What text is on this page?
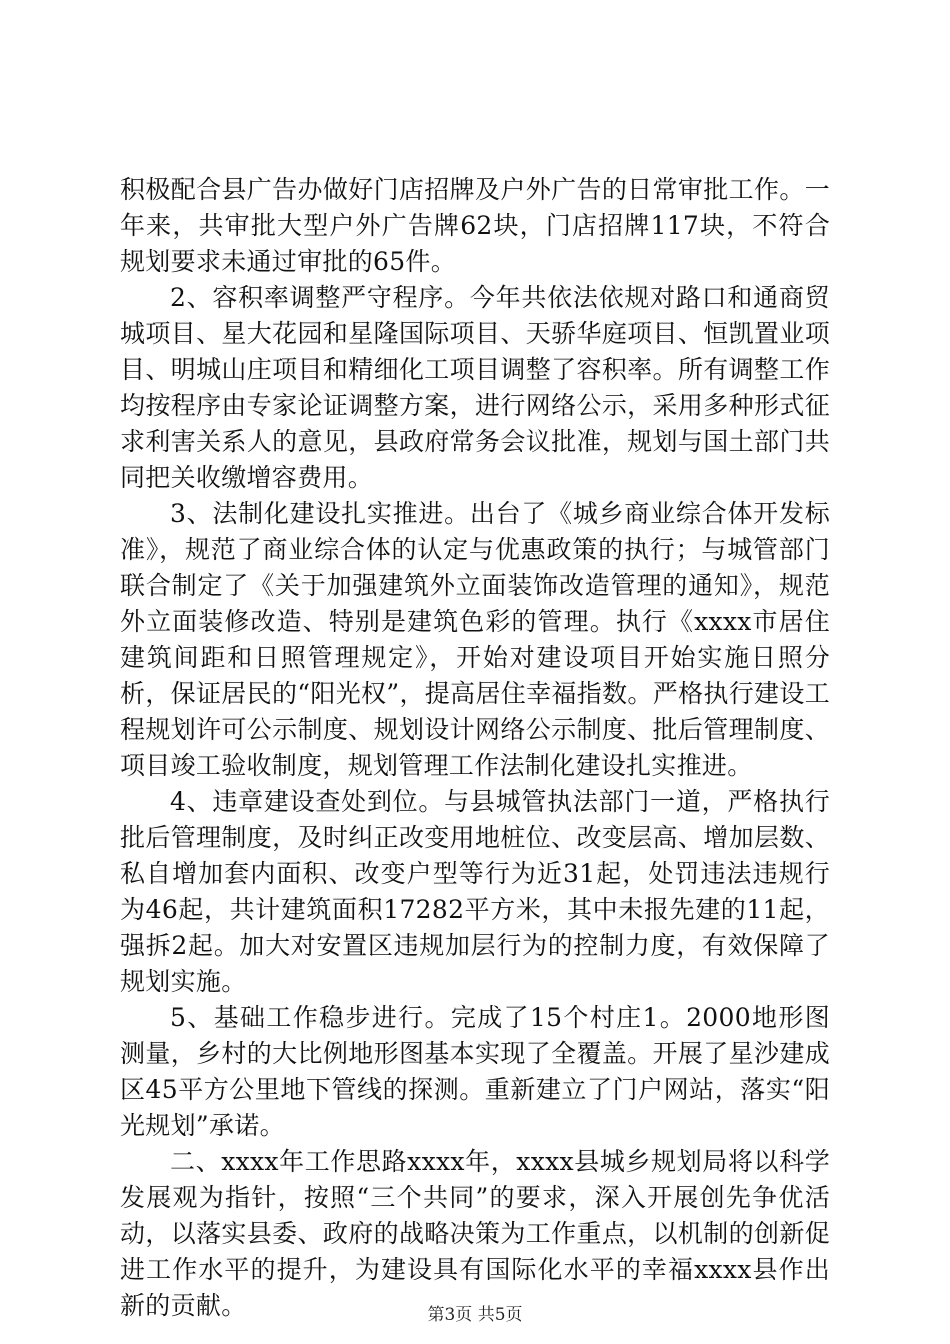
积极配合县广告办做好门店招牌及户外广告的日常审批工作。一年来，共审批大型户外广告牌62块，门店招牌117块，不符合规划要求未通过审批的65件。

2、容积率调整严守程序。今年共依法依规对路口和通商贸城项目、星大花园和星隆国际项目、天骄华庭项目、恒凯置业项目、明城山庄项目和精细化工项目调整了容积率。所有调整工作均按程序由专家论证调整方案，进行网络公示，采用多种形式征求利害关系人的意见，县政府常务会议批准，规划与国土部门共同把关收缴增容费用。

3、法制化建设扎实推进。出台了《城乡商业综合体开发标准》，规范了商业综合体的认定与优惠政策的执行；与城管部门联合制定了《关于加强建筑外立面装饰改造管理的通知》，规范外立面装修改造、特别是建筑色彩的管理。执行《xxxx市居住建筑间距和日照管理规定》，开始对建设项目开始实施日照分析，保证居民的“阳光权”，提高居住幸福指数。严格执行建设工程规划许可公示制度、规划设计网络公示制度、批后管理制度、项目竣工验收制度，规划管理工作法制化建设扎实推进。

4、违章建设查处到位。与县城管执法部门一道，严格执行批后管理制度，及时纠正改变用地桩位、改变层高、增加层数、私自增加套内面积、改变户型等行为近31起，处罚违法违规行为46起，共计建筑面积17282平方米，其中未报先建的11起，强拆2起。加大对安置区违规加层行为的控制力度，有效保障了规划实施。

5、基础工作稳步进行。完成了15个村庄1。2000地形图测量，乡村的大比例地形图基本实现了全覆盖。开展了星沙建成区45平方公里地下管线的探测。重新建立了门户网站，落实“阳光规划”承诺。

二、xxxx年工作思路xxxx年，xxxx县城乡规划局将以科学发展观为指针，按照“三个共同”的要求，深入开展创先争优活动，以落实县委、政府的战略决策为工作重点，以机制的创新促进工作水平的提升，为建设具有国际化水平的幸福xxxx县作出新的贡献。	第3页 共5页
